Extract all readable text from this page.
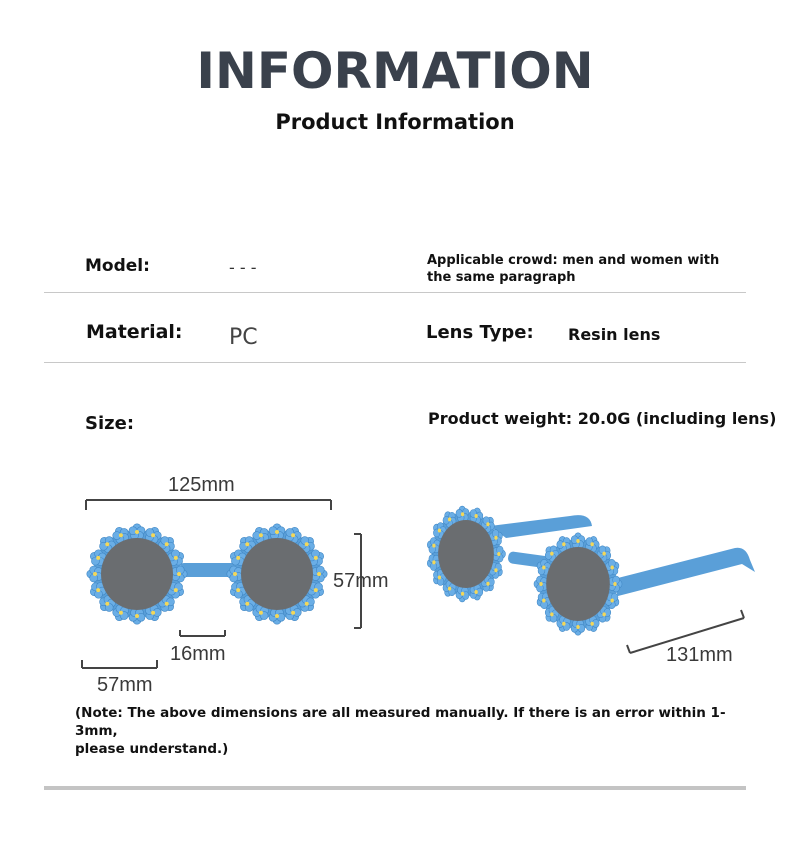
INFORMATION
Product Information
Model:	- - -	Applicable crowd: men and women with
the same paragraph
Material: PC	Lens Type: Resin lens
Size:	Product weight: 20.0G (including lens)
125mm
57mm
16mm
57mm
131mm
(Note: The above dimensions are all measured manually. If there is an error within 1-3mm,
please understand.)
